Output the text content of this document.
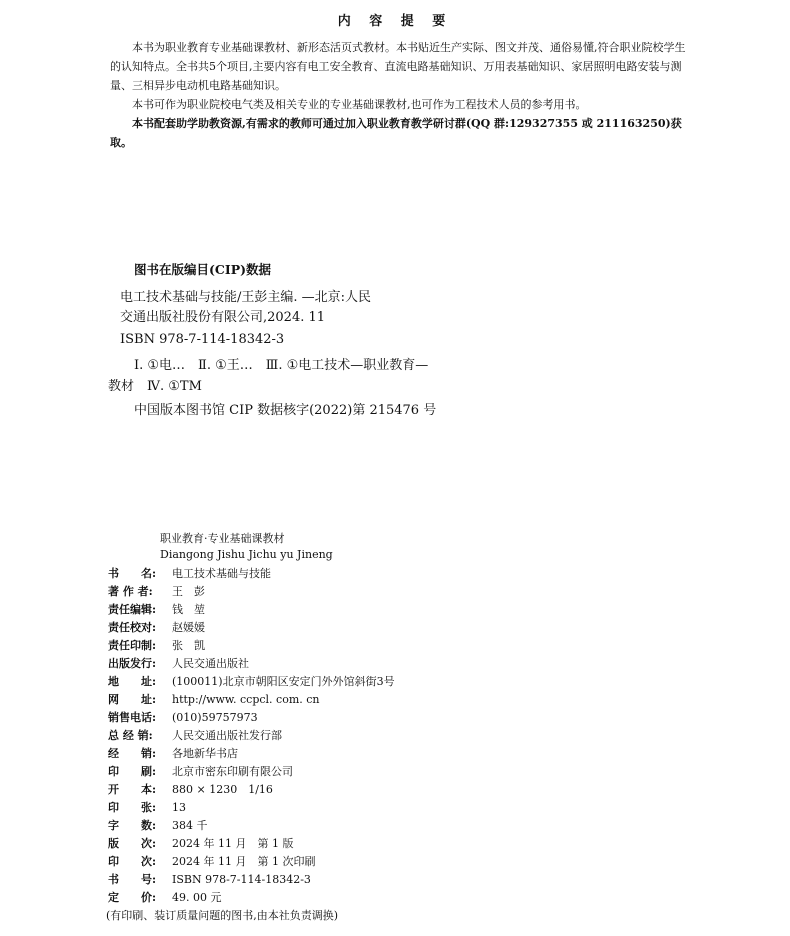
内 容 提 要
本书为职业教育专业基础课教材、新形态活页式教材。本书贴近生产实际、图文并茂、通俗易懂,符合职业院校学生的认知特点。全书共5个项目,主要内容有电工安全教育、直流电路基础知识、万用表基础知识、家居照明电路安装与测量、三相异步电动机电路基础知识。
本书可作为职业院校电气类及相关专业的专业基础课教材,也可作为工程技术人员的参考用书。
本书配套助学助教资源,有需求的教师可通过加入职业教育教学研讨群(QQ 群:129327355 或 211163250)获取。
图书在版编目(CIP)数据
电工技术基础与技能/王彭主编. —北京:人民
交通出版社股份有限公司,2024. 11
ISBN 978-7-114-18342-3
Ⅰ. ①电…　Ⅱ. ①王…　Ⅲ. ①电工技术—职业教育—
教材　Ⅳ. ①TM
中国版本图书馆 CIP 数据核字(2022)第 215476 号
职业教育·专业基础课教材
Diangong Jishu Jichu yu Jineng
书　　名: 电工技术基础与技能
著 作 者: 王　彭
责任编辑: 钱　堃
责任校对: 赵媛媛
责任印制: 张　凯
出版发行: 人民交通出版社
地　　址: (100011)北京市朝阳区安定门外外馆斜街3号
网　　址: http://www. ccpcl. com. cn
销售电话: (010)59757973
总 经 销: 人民交通出版社发行部
经　　销: 各地新华书店
印　　刷: 北京市密东印刷有限公司
开　　本: 880 × 1230　1/16
印　　张: 13
字　　数: 384 千
版　　次: 2024 年 11 月　第 1 版
印　　次: 2024 年 11 月　第 1 次印刷
书　　号: ISBN 978-7-114-18342-3
定　　价: 49. 00 元
(有印刷、装订质量问题的图书,由本社负责调换)
